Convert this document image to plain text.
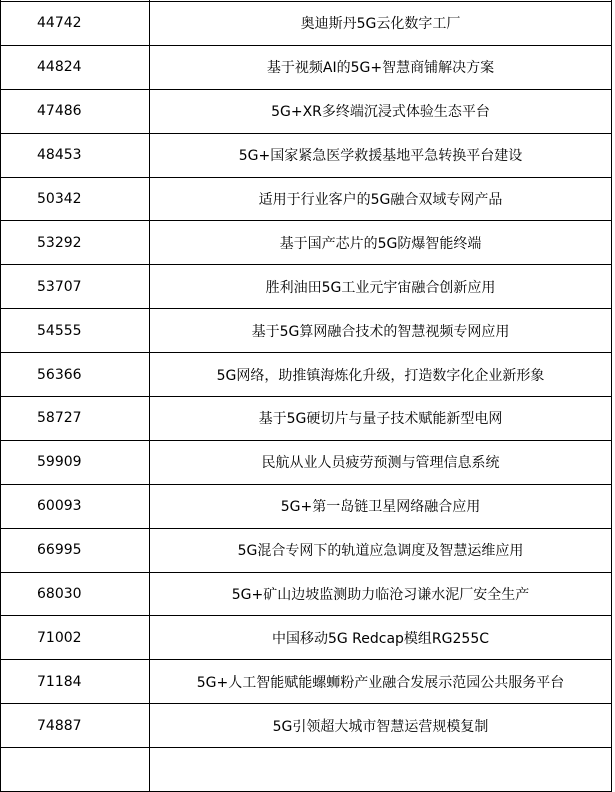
44742	奥迪斯丹5G云化数字工厂
44824	基于视频AI的5G+智慧商铺解决方案
47486	5G+XR多终端沉浸式体验生态平台
48453	5G+国家紧急医学救援基地平急转换平台建设
50342	适用于行业客户的5G融合双域专网产品
53292	基于国产芯片的5G防爆智能终端
53707	胜利油田5G工业元宇宙融合创新应用
54555	基于5G算网融合技术的智慧视频专网应用
56366	5G网络，助推镇海炼化升级，打造数字化企业新形象
58727	基于5G硬切片与量子技术赋能新型电网
59909	民航从业人员疲劳预测与管理信息系统
60093	5G+第一岛链卫星网络融合应用
66995	5G混合专网下的轨道应急调度及智慧运维应用
68030	5G+矿山边坡监测助力临沧习谦水泥厂安全生产
71002	中国移动5G Redcap模组RG255C
71184	5G+人工智能赋能螺蛳粉产业融合发展示范园公共服务平台
74887	5G引领超大城市智慧运营规模复制
